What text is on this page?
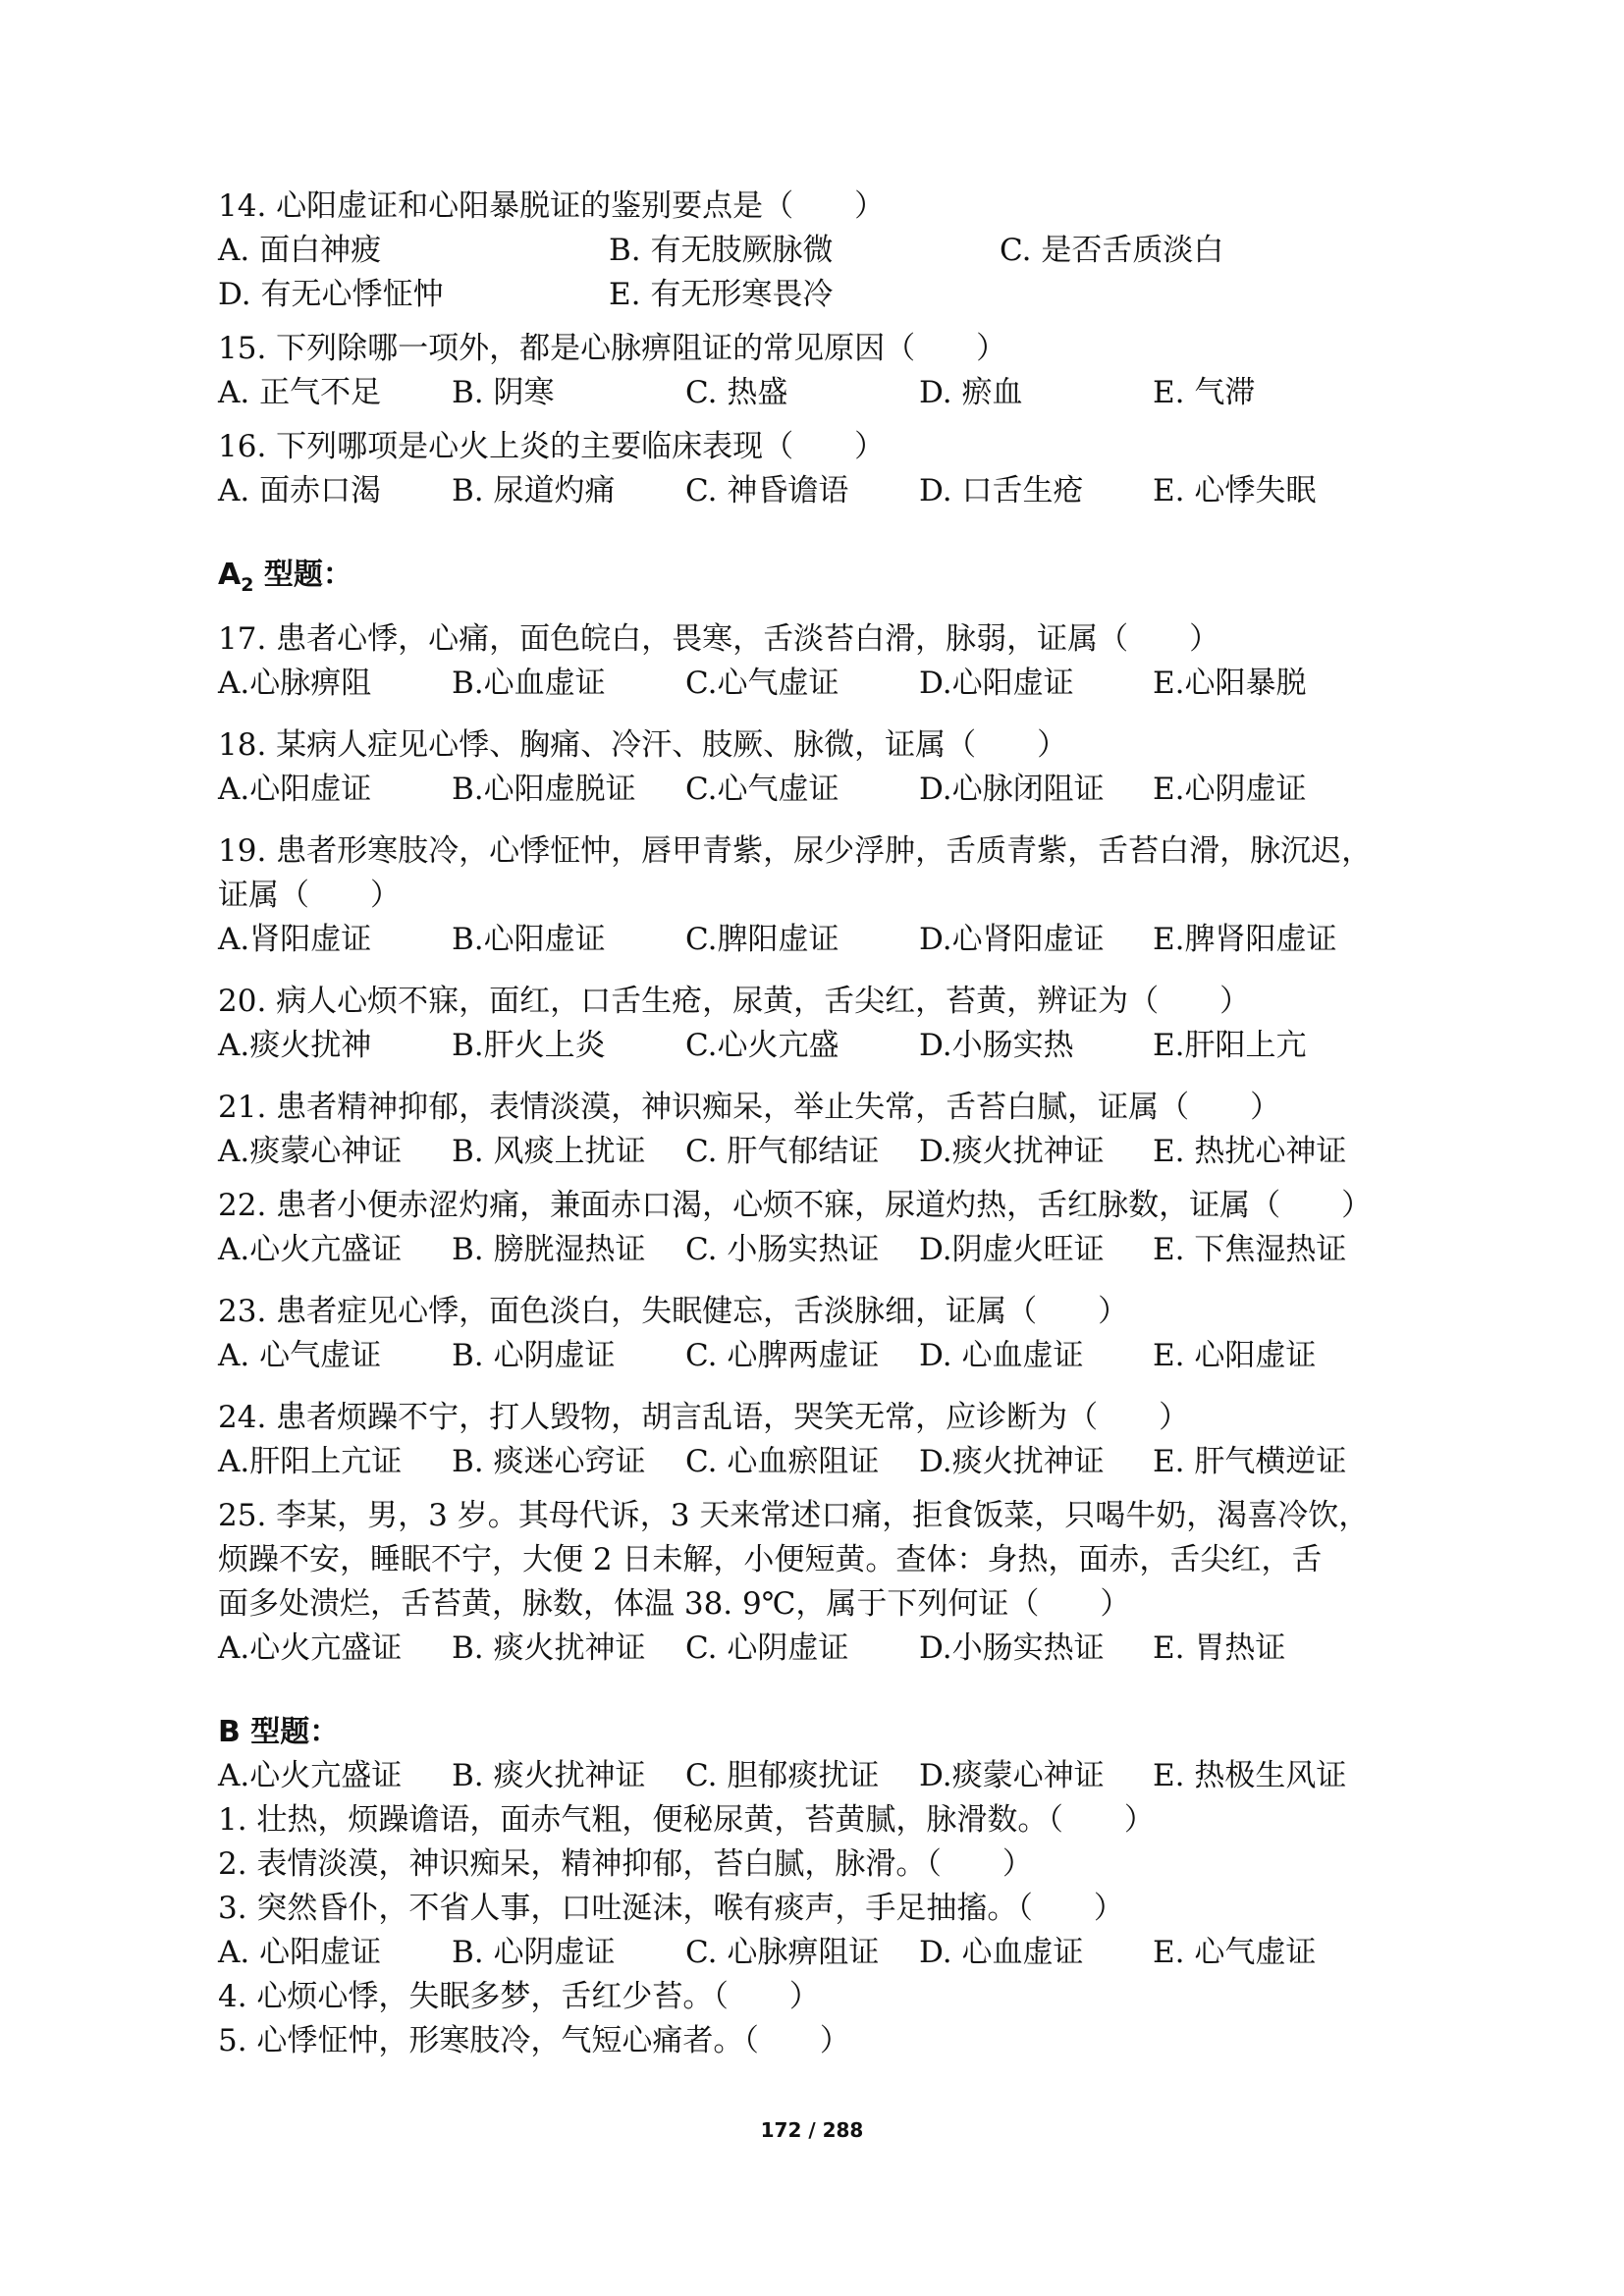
14. 心阳虚证和心阳暴脱证的鉴别要点是（　　）
A. 面白神疲	B. 有无肢厥脉微	C. 是否舌质淡白
D. 有无心悸怔忡	E. 有无形寒畏冷
15. 下列除哪一项外，都是心脉痹阻证的常见原因（　　）
A. 正气不足	B. 阴寒	C. 热盛	D. 瘀血	E. 气滞
16. 下列哪项是心火上炎的主要临床表现（　　）
A. 面赤口渴	B. 尿道灼痛	C. 神昏谵语	D. 口舌生疮	E. 心悸失眠
$A_2$ 型题：
17. 患者心悸，心痛，面色皖白，畏寒，舌淡苔白滑，脉弱，证属（　　）
A.心脉痹阻	B.心血虚证	C.心气虚证	D.心阳虚证	E.心阳暴脱
18. 某病人症见心悸、胸痛、冷汗、肢厥、脉微，证属（　　）
A.心阳虚证	B.心阳虚脱证	C.心气虚证	D.心脉闭阻证	E.心阴虚证
19. 患者形寒肢冷，心悸怔忡，唇甲青紫，尿少浮肿，舌质青紫，舌苔白滑，脉沉迟，
证属（　　）
A.肾阳虚证	B.心阳虚证	C.脾阳虚证	D.心肾阳虚证	E.脾肾阳虚证
20. 病人心烦不寐，面红，口舌生疮，尿黄，舌尖红，苔黄，辨证为（　　）
A.痰火扰神	B.肝火上炎	C.心火亢盛	D.小肠实热	E.肝阳上亢
21. 患者精神抑郁，表情淡漠，神识痴呆，举止失常，舌苔白腻，证属（　　）
A.痰蒙心神证	B. 风痰上扰证	C. 肝气郁结证	D.痰火扰神证	E. 热扰心神证
22. 患者小便赤涩灼痛，兼面赤口渴，心烦不寐，尿道灼热，舌红脉数，证属（　　）
A.心火亢盛证	B. 膀胱湿热证	C. 小肠实热证	D.阴虚火旺证	E. 下焦湿热证
23. 患者症见心悸，面色淡白，失眠健忘，舌淡脉细，证属（　　）
A. 心气虚证	B. 心阴虚证	C. 心脾两虚证	D. 心血虚证	E. 心阳虚证
24. 患者烦躁不宁，打人毁物，胡言乱语，哭笑无常，应诊断为（　　）
A.肝阳上亢证	B. 痰迷心窍证	C. 心血瘀阻证	D.痰火扰神证	E. 肝气横逆证
25. 李某，男，3 岁。其母代诉，3 天来常述口痛，拒食饭菜，只喝牛奶，渴喜冷饮，
烦躁不安，睡眠不宁，大便 2 日未解，小便短黄。查体：身热，面赤，舌尖红，舌
面多处溃烂，舌苔黄，脉数，体温 38. 9℃，属于下列何证（　　）
A.心火亢盛证	B. 痰火扰神证	C. 心阴虚证	D.小肠实热证	E. 胃热证
B 型题：
A.心火亢盛证	B. 痰火扰神证	C. 胆郁痰扰证	D.痰蒙心神证	E. 热极生风证
1. 壮热，烦躁谵语，面赤气粗，便秘尿黄，苔黄腻，脉滑数。（　　）
2. 表情淡漠，神识痴呆，精神抑郁，苔白腻，脉滑。（　　）
3. 突然昏仆，不省人事，口吐涎沫，喉有痰声，手足抽搐。（　　）
A. 心阳虚证	B. 心阴虚证	C. 心脉痹阻证	D. 心血虚证	E. 心气虚证
4. 心烦心悸，失眠多梦，舌红少苔。（　　）
5. 心悸怔忡，形寒肢冷，气短心痛者。（　　）
172 / 288
